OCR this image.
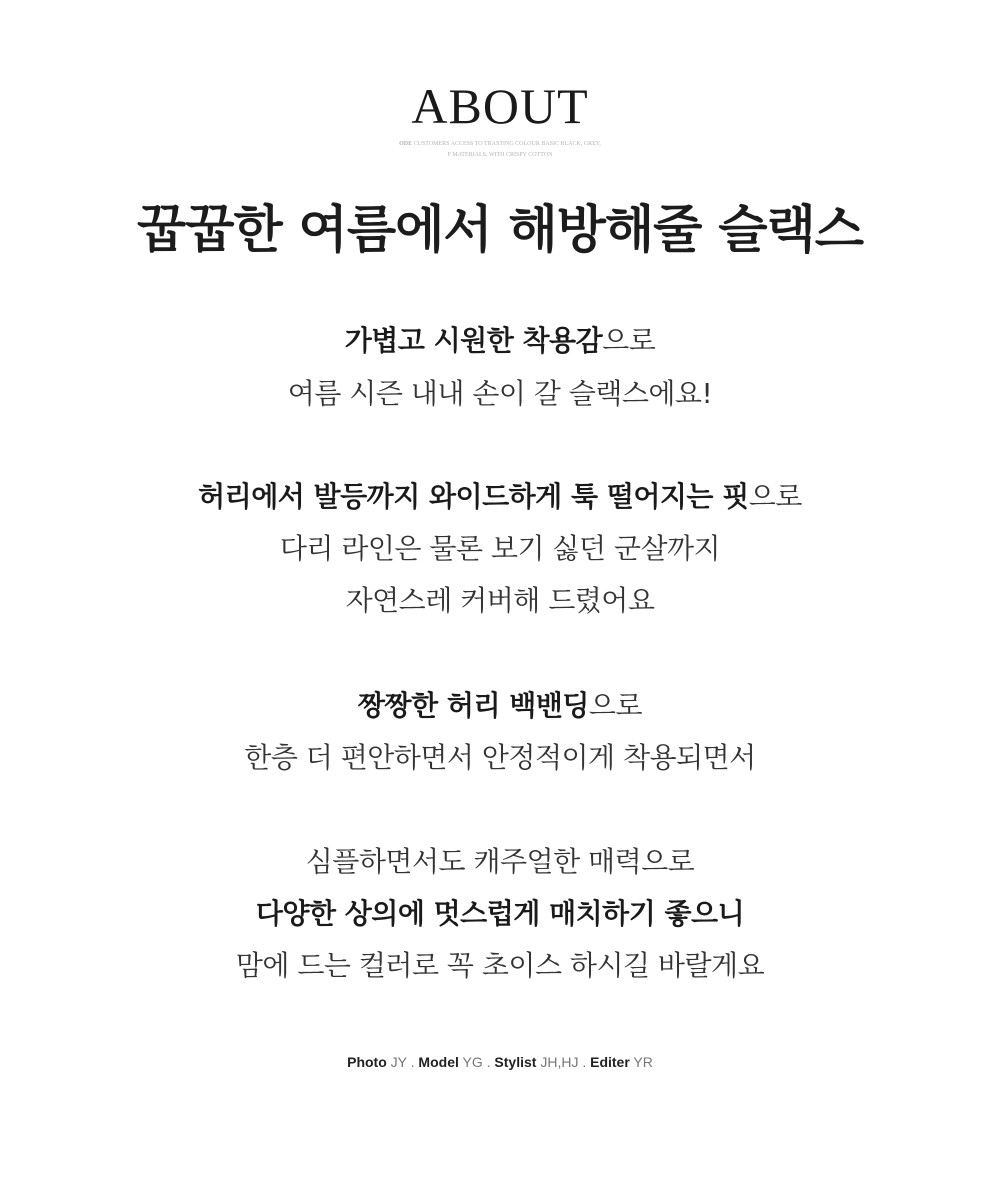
ABOUT
ODE CUSTOMERS ACCESS TO TRASTING COLOUR BASIC BLACK, GREY,
F MATERIALS, WITH CRISPY COTTON
꿉꿉한 여름에서 해방해줄 슬랙스
가볍고 시원한 착용감으로
여름 시즌 내내 손이 갈 슬랙스에요!
허리에서 발등까지 와이드하게 툭 떨어지는 핏으로
다리 라인은 물론 보기 싫던 군살까지
자연스레 커버해 드렸어요
짱짱한 허리 백밴딩으로
한층 더 편안하면서 안정적이게 착용되면서
심플하면서도 캐주얼한 매력으로
다양한 상의에 멋스럽게 매치하기 좋으니
맘에 드는 컬러로 꼭 초이스 하시길 바랄게요
Photo JY . Model YG . Stylist JH,HJ . Editer YR
